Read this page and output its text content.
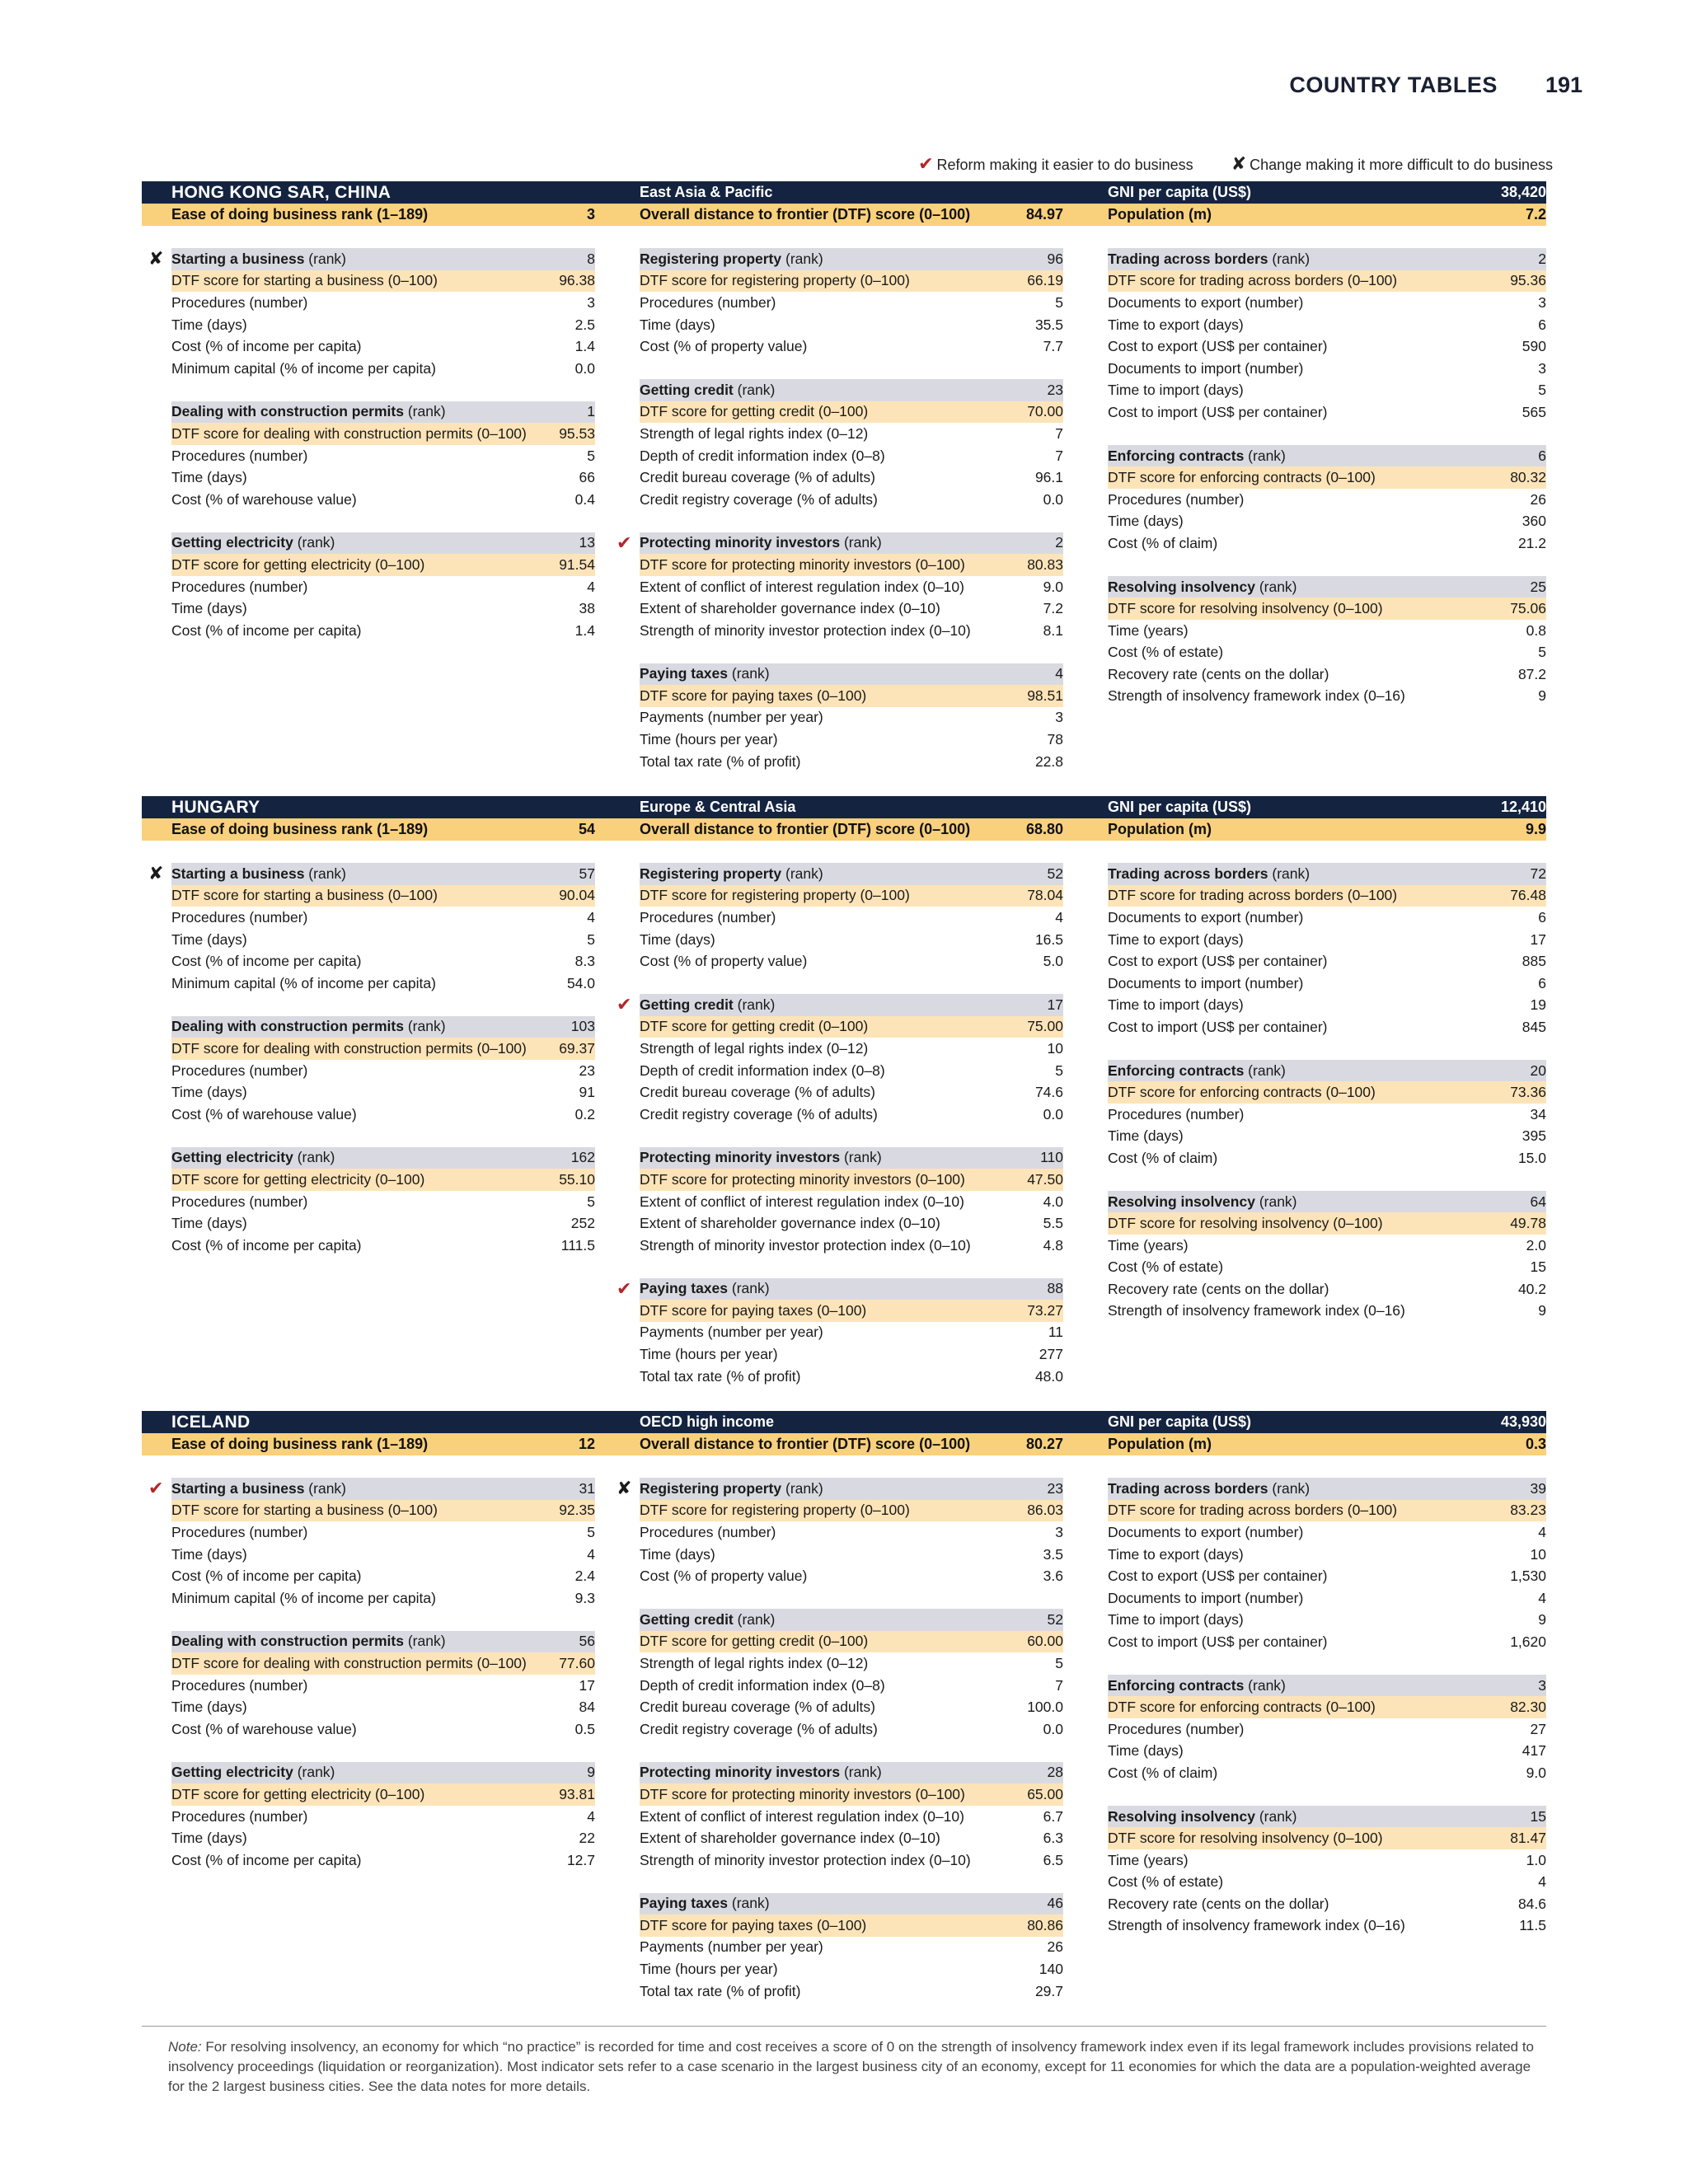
COUNTRY TABLES 191
✔ Reform making it easier to do business ✘ Change making it more difficult to do business
HONG KONG SAR, CHINA	East Asia & Pacific	GNI per capita (US$)	38,420
Ease of doing business rank (1–189)	3	Overall distance to frontier (DTF) score (0–100)	84.97	Population (m)	7.2
✘ Starting a business (rank)	8
DTF score for starting a business (0–100)	96.38
Procedures (number)	3
Time (days)	2.5
Cost (% of income per capita)	1.4
Minimum capital (% of income per capita)	0.0
Dealing with construction permits (rank)	1
DTF score for dealing with construction permits (0–100) 95.53
Procedures (number)	5
Time (days)	66
Cost (% of warehouse value)	0.4
Getting electricity (rank)	13
DTF score for getting electricity (0–100)	91.54
Procedures (number)	4
Time (days)	38
Cost (% of income per capita)	1.4
Registering property (rank)	96
DTF score for registering property (0–100)	66.19
Procedures (number)	5
Time (days)	35.5
Cost (% of property value)	7.7
Getting credit (rank)	23
DTF score for getting credit (0–100)	70.00
Strength of legal rights index (0–12)	7
Depth of credit information index (0–8)	7
Credit bureau coverage (% of adults)	96.1
Credit registry coverage (% of adults)	0.0
✔ Protecting minority investors (rank)	2
DTF score for protecting minority investors (0–100)	80.83
Extent of conflict of interest regulation index (0–10)	9.0
Extent of shareholder governance index (0–10)	7.2
Strength of minority investor protection index (0–10)	8.1
Paying taxes (rank)	4
DTF score for paying taxes (0–100)	98.51
Payments (number per year)	3
Time (hours per year)	78
Total tax rate (% of profit)	22.8
Trading across borders (rank)	2
DTF score for trading across borders (0–100)	95.36
Documents to export (number)	3
Time to export (days)	6
Cost to export (US$ per container)	590
Documents to import (number)	3
Time to import (days)	5
Cost to import (US$ per container)	565
Enforcing contracts (rank)	6
DTF score for enforcing contracts (0–100)	80.32
Procedures (number)	26
Time (days)	360
Cost (% of claim)	21.2
Resolving insolvency (rank)	25
DTF score for resolving insolvency (0–100)	75.06
Time (years)	0.8
Cost (% of estate)	5
Recovery rate (cents on the dollar)	87.2
Strength of insolvency framework index (0–16)	9
HUNGARY	Europe & Central Asia	GNI per capita (US$)	12,410
Ease of doing business rank (1–189)	54	Overall distance to frontier (DTF) score (0–100)	68.80	Population (m)	9.9
✘ Starting a business (rank)	57
DTF score for starting a business (0–100)	90.04
Procedures (number)	4
Time (days)	5
Cost (% of income per capita)	8.3
Minimum capital (% of income per capita)	54.0
Dealing with construction permits (rank)	103
DTF score for dealing with construction permits (0–100) 69.37
Procedures (number)	23
Time (days)	91
Cost (% of warehouse value)	0.2
Getting electricity (rank)	162
DTF score for getting electricity (0–100)	55.10
Procedures (number)	5
Time (days)	252
Cost (% of income per capita)	111.5
Registering property (rank)	52
DTF score for registering property (0–100)	78.04
Procedures (number)	4
Time (days)	16.5
Cost (% of property value)	5.0
✔ Getting credit (rank)	17
DTF score for getting credit (0–100)	75.00
Strength of legal rights index (0–12)	10
Depth of credit information index (0–8)	5
Credit bureau coverage (% of adults)	74.6
Credit registry coverage (% of adults)	0.0
Protecting minority investors (rank)	110
DTF score for protecting minority investors (0–100)	47.50
Extent of conflict of interest regulation index (0–10)	4.0
Extent of shareholder governance index (0–10)	5.5
Strength of minority investor protection index (0–10)	4.8
✔ Paying taxes (rank)	88
DTF score for paying taxes (0–100)	73.27
Payments (number per year)	11
Time (hours per year)	277
Total tax rate (% of profit)	48.0
Trading across borders (rank)	72
DTF score for trading across borders (0–100)	76.48
Documents to export (number)	6
Time to export (days)	17
Cost to export (US$ per container)	885
Documents to import (number)	6
Time to import (days)	19
Cost to import (US$ per container)	845
Enforcing contracts (rank)	20
DTF score for enforcing contracts (0–100)	73.36
Procedures (number)	34
Time (days)	395
Cost (% of claim)	15.0
Resolving insolvency (rank)	64
DTF score for resolving insolvency (0–100)	49.78
Time (years)	2.0
Cost (% of estate)	15
Recovery rate (cents on the dollar)	40.2
Strength of insolvency framework index (0–16)	9
ICELAND	OECD high income	GNI per capita (US$)	43,930
Ease of doing business rank (1–189)	12	Overall distance to frontier (DTF) score (0–100)	80.27	Population (m)	0.3
✔ Starting a business (rank)	31
DTF score for starting a business (0–100)	92.35
Procedures (number)	5
Time (days)	4
Cost (% of income per capita)	2.4
Minimum capital (% of income per capita)	9.3
Dealing with construction permits (rank)	56
DTF score for dealing with construction permits (0–100) 77.60
Procedures (number)	17
Time (days)	84
Cost (% of warehouse value)	0.5
Getting electricity (rank)	9
DTF score for getting electricity (0–100)	93.81
Procedures (number)	4
Time (days)	22
Cost (% of income per capita)	12.7
✘ Registering property (rank)	23
DTF score for registering property (0–100)	86.03
Procedures (number)	3
Time (days)	3.5
Cost (% of property value)	3.6
Getting credit (rank)	52
DTF score for getting credit (0–100)	60.00
Strength of legal rights index (0–12)	5
Depth of credit information index (0–8)	7
Credit bureau coverage (% of adults)	100.0
Credit registry coverage (% of adults)	0.0
Protecting minority investors (rank)	28
DTF score for protecting minority investors (0–100)	65.00
Extent of conflict of interest regulation index (0–10)	6.7
Extent of shareholder governance index (0–10)	6.3
Strength of minority investor protection index (0–10)	6.5
Paying taxes (rank)	46
DTF score for paying taxes (0–100)	80.86
Payments (number per year)	26
Time (hours per year)	140
Total tax rate (% of profit)	29.7
Trading across borders (rank)	39
DTF score for trading across borders (0–100)	83.23
Documents to export (number)	4
Time to export (days)	10
Cost to export (US$ per container)	1,530
Documents to import (number)	4
Time to import (days)	9
Cost to import (US$ per container)	1,620
Enforcing contracts (rank)	3
DTF score for enforcing contracts (0–100)	82.30
Procedures (number)	27
Time (days)	417
Cost (% of claim)	9.0
Resolving insolvency (rank)	15
DTF score for resolving insolvency (0–100)	81.47
Time (years)	1.0
Cost (% of estate)	4
Recovery rate (cents on the dollar)	84.6
Strength of insolvency framework index (0–16)	11.5
Note: For resolving insolvency, an economy for which “no practice” is recorded for time and cost receives a score of 0 on the strength of insolvency framework index even if its legal framework includes provisions related to insolvency proceedings (liquidation or reorganization). Most indicator sets refer to a case scenario in the largest business city of an economy, except for 11 economies for which the data are a population-weighted average for the 2 largest business cities. See the data notes for more details.
